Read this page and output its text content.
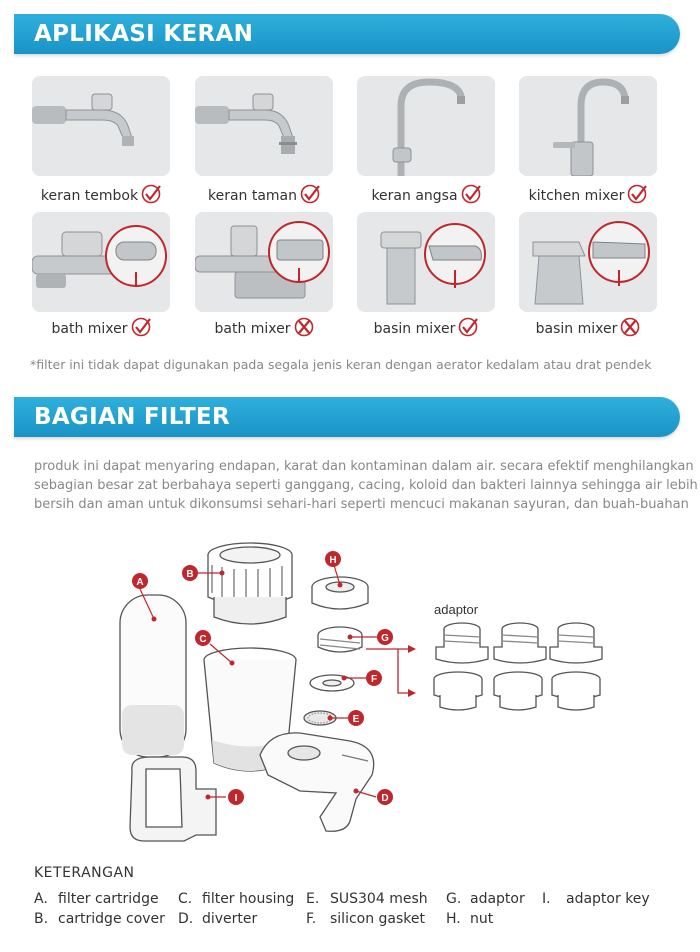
APLIKASI KERAN
keran tembok	keran taman	keran angsa	kitchen mixer
bath mixer	bath mixer	basin mixer	basin mixer
*filter ini tidak dapat digunakan pada segala jenis keran dengan aerator kedalam atau drat pendek
BAGIAN FILTER
produk ini dapat menyaring endapan, karat dan kontaminan dalam air. secara efektif menghilangkan
sebagian besar zat berbahaya seperti ganggang, cacing, koloid dan bakteri lainnya sehingga air lebih
bersih dan aman untuk dikonsumsi sehari-hari seperti mencuci makanan sayuran, dan buah-buahan
adaptor
A
B
C
D
E
F
G
H
I
KETERANGAN
A. filter cartridge
B. cartridge cover
C. filter housing
D. diverter
E. SUS304 mesh
F. silicon gasket
G. adaptor
H. nut
I. adaptor key
